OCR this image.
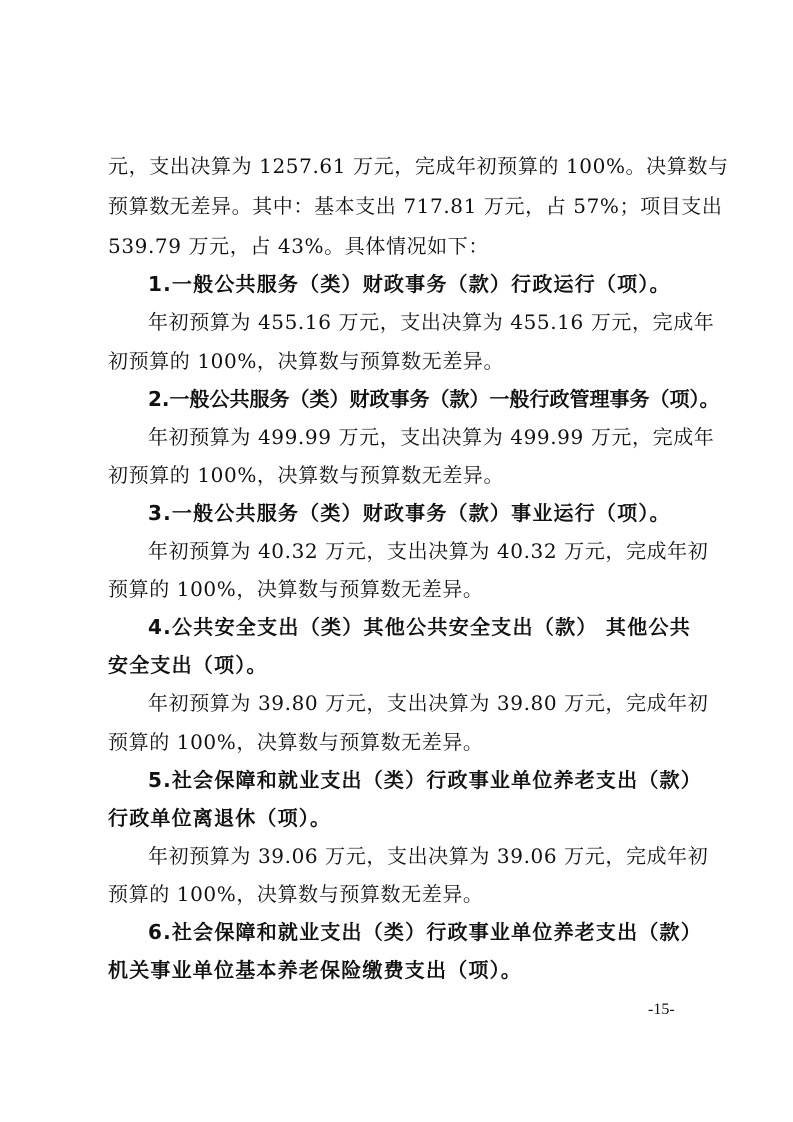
元，支出决算为 1257.61 万元，完成年初预算的 100%。决算数与
预算数无差异。其中：基本支出 717.81 万元，占 57%；项目支出
539.79 万元，占 43%。具体情况如下：
1.一般公共服务（类）财政事务（款）行政运行（项）。
年初预算为 455.16 万元，支出决算为 455.16 万元，完成年
初预算的 100%，决算数与预算数无差异。
2.一般公共服务（类）财政事务（款）一般行政管理事务（项）。
年初预算为 499.99 万元，支出决算为 499.99 万元，完成年
初预算的 100%，决算数与预算数无差异。
3.一般公共服务（类）财政事务（款）事业运行（项）。
年初预算为 40.32 万元，支出决算为 40.32 万元，完成年初
预算的 100%，决算数与预算数无差异。
4.公共安全支出（类）其他公共安全支出（款） 其他公共
安全支出（项）。
年初预算为 39.80 万元，支出决算为 39.80 万元，完成年初
预算的 100%，决算数与预算数无差异。
5.社会保障和就业支出（类）行政事业单位养老支出（款）
行政单位离退休（项）。
年初预算为 39.06 万元，支出决算为 39.06 万元，完成年初
预算的 100%，决算数与预算数无差异。
6.社会保障和就业支出（类）行政事业单位养老支出（款）
机关事业单位基本养老保险缴费支出（项）。
-15-
